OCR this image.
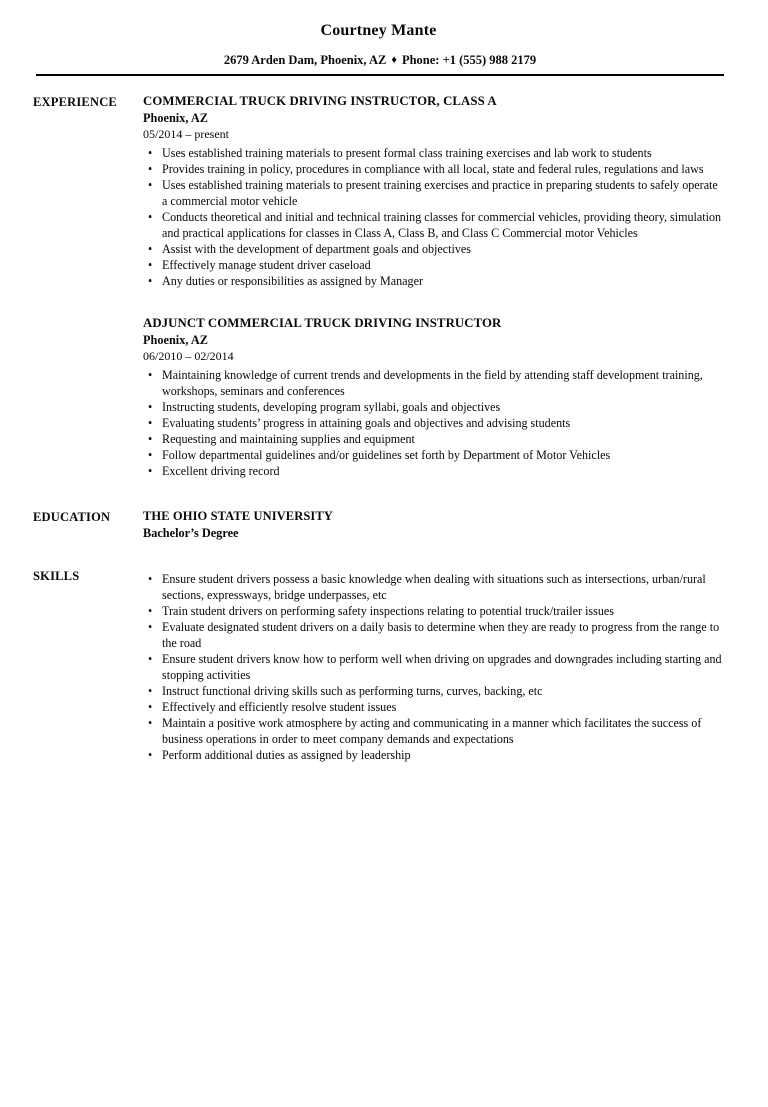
Courtney Mante
2679 Arden Dam, Phoenix, AZ ♦ Phone: +1 (555) 988 2179
EXPERIENCE	COMMERCIAL TRUCK DRIVING INSTRUCTOR, CLASS A
Phoenix, AZ
05/2014 – present
• Uses established training materials to present formal class training exercises and lab work to students
• Provides training in policy, procedures in compliance with all local, state and federal rules, regulations and laws
• Uses established training materials to present training exercises and practice in preparing students to safely operate a commercial motor vehicle
• Conducts theoretical and initial and technical training classes for commercial vehicles, providing theory, simulation and practical applications for classes in Class A, Class B, and Class C Commercial motor Vehicles
• Assist with the development of department goals and objectives
• Effectively manage student driver caseload
• Any duties or responsibilities as assigned by Manager
ADJUNCT COMMERCIAL TRUCK DRIVING INSTRUCTOR
Phoenix, AZ
06/2010 – 02/2014
• Maintaining knowledge of current trends and developments in the field by attending staff development training, workshops, seminars and conferences
• Instructing students, developing program syllabi, goals and objectives
• Evaluating students’ progress in attaining goals and objectives and advising students
• Requesting and maintaining supplies and equipment
• Follow departmental guidelines and/or guidelines set forth by Department of Motor Vehicles
• Excellent driving record
EDUCATION	THE OHIO STATE UNIVERSITY
Bachelor’s Degree
SKILLS	• Ensure student drivers possess a basic knowledge when dealing with situations such as intersections, urban/rural sections, expressways, bridge underpasses, etc
• Train student drivers on performing safety inspections relating to potential truck/trailer issues
• Evaluate designated student drivers on a daily basis to determine when they are ready to progress from the range to the road
• Ensure student drivers know how to perform well when driving on upgrades and downgrades including starting and stopping activities
• Instruct functional driving skills such as performing turns, curves, backing, etc
• Effectively and efficiently resolve student issues
• Maintain a positive work atmosphere by acting and communicating in a manner which facilitates the success of business operations in order to meet company demands and expectations
• Perform additional duties as assigned by leadership
